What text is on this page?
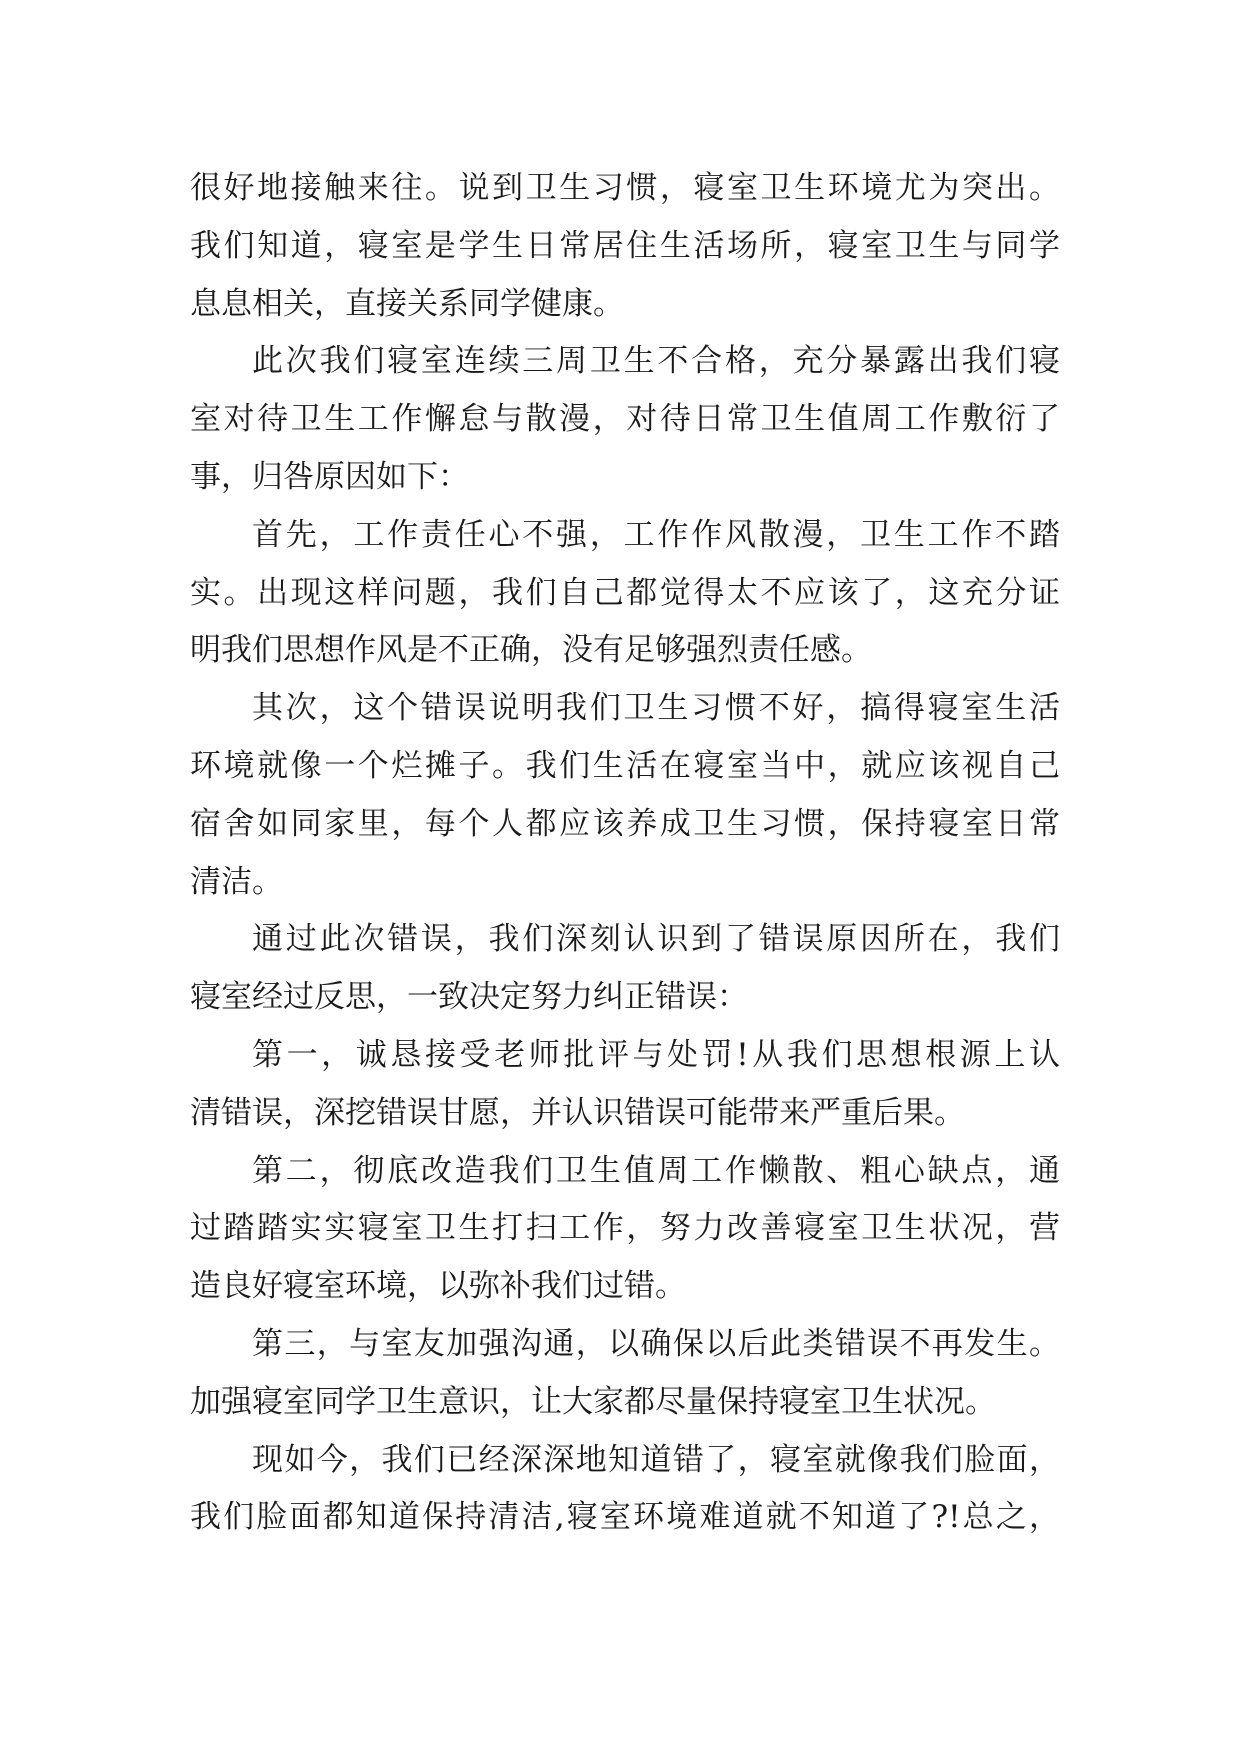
很好地接触来往。说到卫生习惯，寝室卫生环境尤为突出。
我们知道，寝室是学生日常居住生活场所，寝室卫生与同学
息息相关，直接关系同学健康。
此次我们寝室连续三周卫生不合格，充分暴露出我们寝
室对待卫生工作懈怠与散漫，对待日常卫生值周工作敷衍了
事，归咎原因如下：
首先，工作责任心不强，工作作风散漫，卫生工作不踏
实。出现这样问题，我们自己都觉得太不应该了，这充分证
明我们思想作风是不正确，没有足够强烈责任感。
其次，这个错误说明我们卫生习惯不好，搞得寝室生活
环境就像一个烂摊子。我们生活在寝室当中，就应该视自己
宿舍如同家里，每个人都应该养成卫生习惯，保持寝室日常
清洁。
通过此次错误，我们深刻认识到了错误原因所在，我们
寝室经过反思，一致决定努力纠正错误：
第一，诚恳接受老师批评与处罚!从我们思想根源上认
清错误，深挖错误甘愿，并认识错误可能带来严重后果。
第二，彻底改造我们卫生值周工作懒散、粗心缺点，通
过踏踏实实寝室卫生打扫工作，努力改善寝室卫生状况，营
造良好寝室环境，以弥补我们过错。
第三，与室友加强沟通，以确保以后此类错误不再发生。
加强寝室同学卫生意识，让大家都尽量保持寝室卫生状况。
现如今，我们已经深深地知道错了，寝室就像我们脸面，
我们脸面都知道保持清洁,寝室环境难道就不知道了?!总之，
